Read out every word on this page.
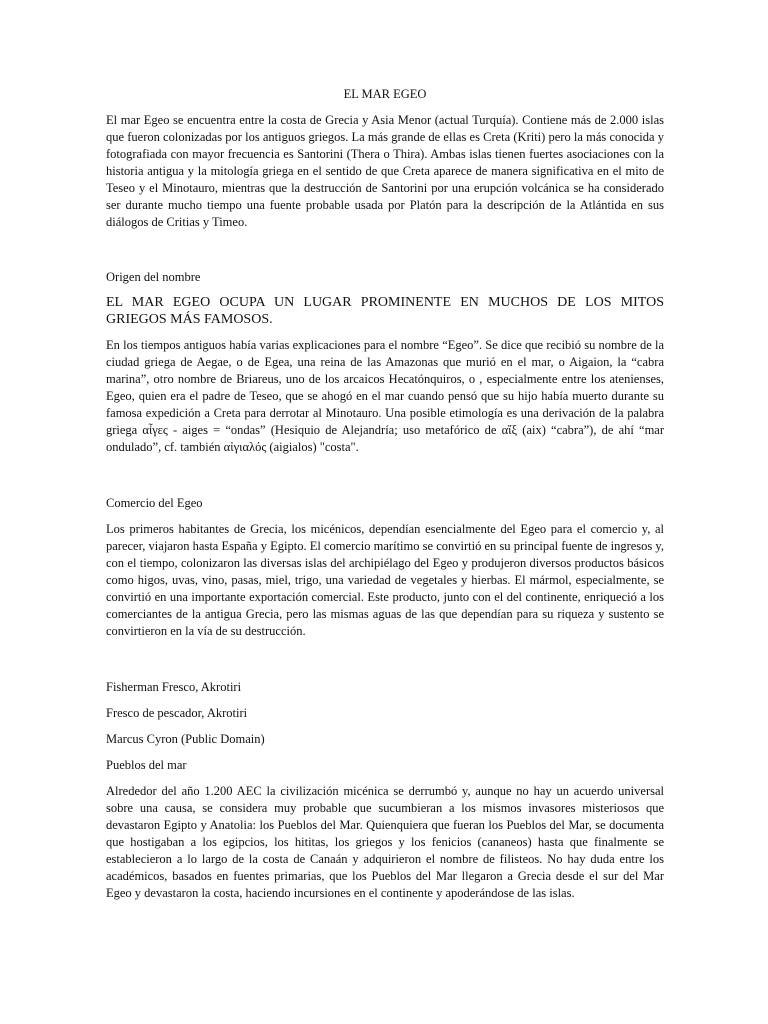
EL MAR EGEO

El mar Egeo se encuentra entre la costa de Grecia y Asia Menor (actual Turquía). Contiene más de 2.000 islas que fueron colonizadas por los antiguos griegos. La más grande de ellas es Creta (Kriti) pero la más conocida y fotografiada con mayor frecuencia es Santorini (Thera o Thira). Ambas islas tienen fuertes asociaciones con la historia antigua y la mitología griega en el sentido de que Creta aparece de manera significativa en el mito de Teseo y el Minotauro, mientras que la destrucción de Santorini por una erupción volcánica se ha considerado ser durante mucho tiempo una fuente probable usada por Platón para la descripción de la Atlántida en sus diálogos de Critias y Timeo.

Origen del nombre

EL MAR EGEO OCUPA UN LUGAR PROMINENTE EN MUCHOS DE LOS MITOS GRIEGOS MÁS FAMOSOS.

En los tiempos antiguos había varias explicaciones para el nombre “Egeo”. Se dice que recibió su nombre de la ciudad griega de Aegae, o de Egea, una reina de las Amazonas que murió en el mar, o Aigaion, la “cabra marina”, otro nombre de Briareus, uno de los arcaicos Hecatónquiros, o , especialmente entre los atenienses, Egeo, quien era el padre de Teseo, que se ahogó en el mar cuando pensó que su hijo había muerto durante su famosa expedición a Creta para derrotar al Minotauro. Una posible etimología es una derivación de la palabra griega αἶγες - aiges = “ondas” (Hesiquio de Alejandría; uso metafórico de αἴξ (aix) “cabra”), de ahí “mar ondulado”, cf. también αἰγιαλός (aigialos) "costa".

Comercio del Egeo

Los primeros habitantes de Grecia, los micénicos, dependían esencialmente del Egeo para el comercio y, al parecer, viajaron hasta España y Egipto. El comercio marítimo se convirtió en su principal fuente de ingresos y, con el tiempo, colonizaron las diversas islas del archipiélago del Egeo y produjeron diversos productos básicos como higos, uvas, vino, pasas, miel, trigo, una variedad de vegetales y hierbas. El mármol, especialmente, se convirtió en una importante exportación comercial. Este producto, junto con el del continente, enriqueció a los comerciantes de la antigua Grecia, pero las mismas aguas de las que dependían para su riqueza y sustento se convirtieron en la vía de su destrucción.

Fisherman Fresco, Akrotiri

Fresco de pescador, Akrotiri

Marcus Cyron (Public Domain)

Pueblos del mar

Alrededor del año 1.200 AEC la civilización micénica se derrumbó y, aunque no hay un acuerdo universal sobre una causa, se considera muy probable que sucumbieran a los mismos invasores misteriosos que devastaron Egipto y Anatolia: los Pueblos del Mar. Quienquiera que fueran los Pueblos del Mar, se documenta que hostigaban a los egipcios, los hititas, los griegos y los fenicios (cananeos) hasta que finalmente se establecieron a lo largo de la costa de Canaán y adquirieron el nombre de filisteos. No hay duda entre los académicos, basados en fuentes primarias, que los Pueblos del Mar llegaron a Grecia desde el sur del Mar Egeo y devastaron la costa, haciendo incursiones en el continente y apoderándose de las islas.
